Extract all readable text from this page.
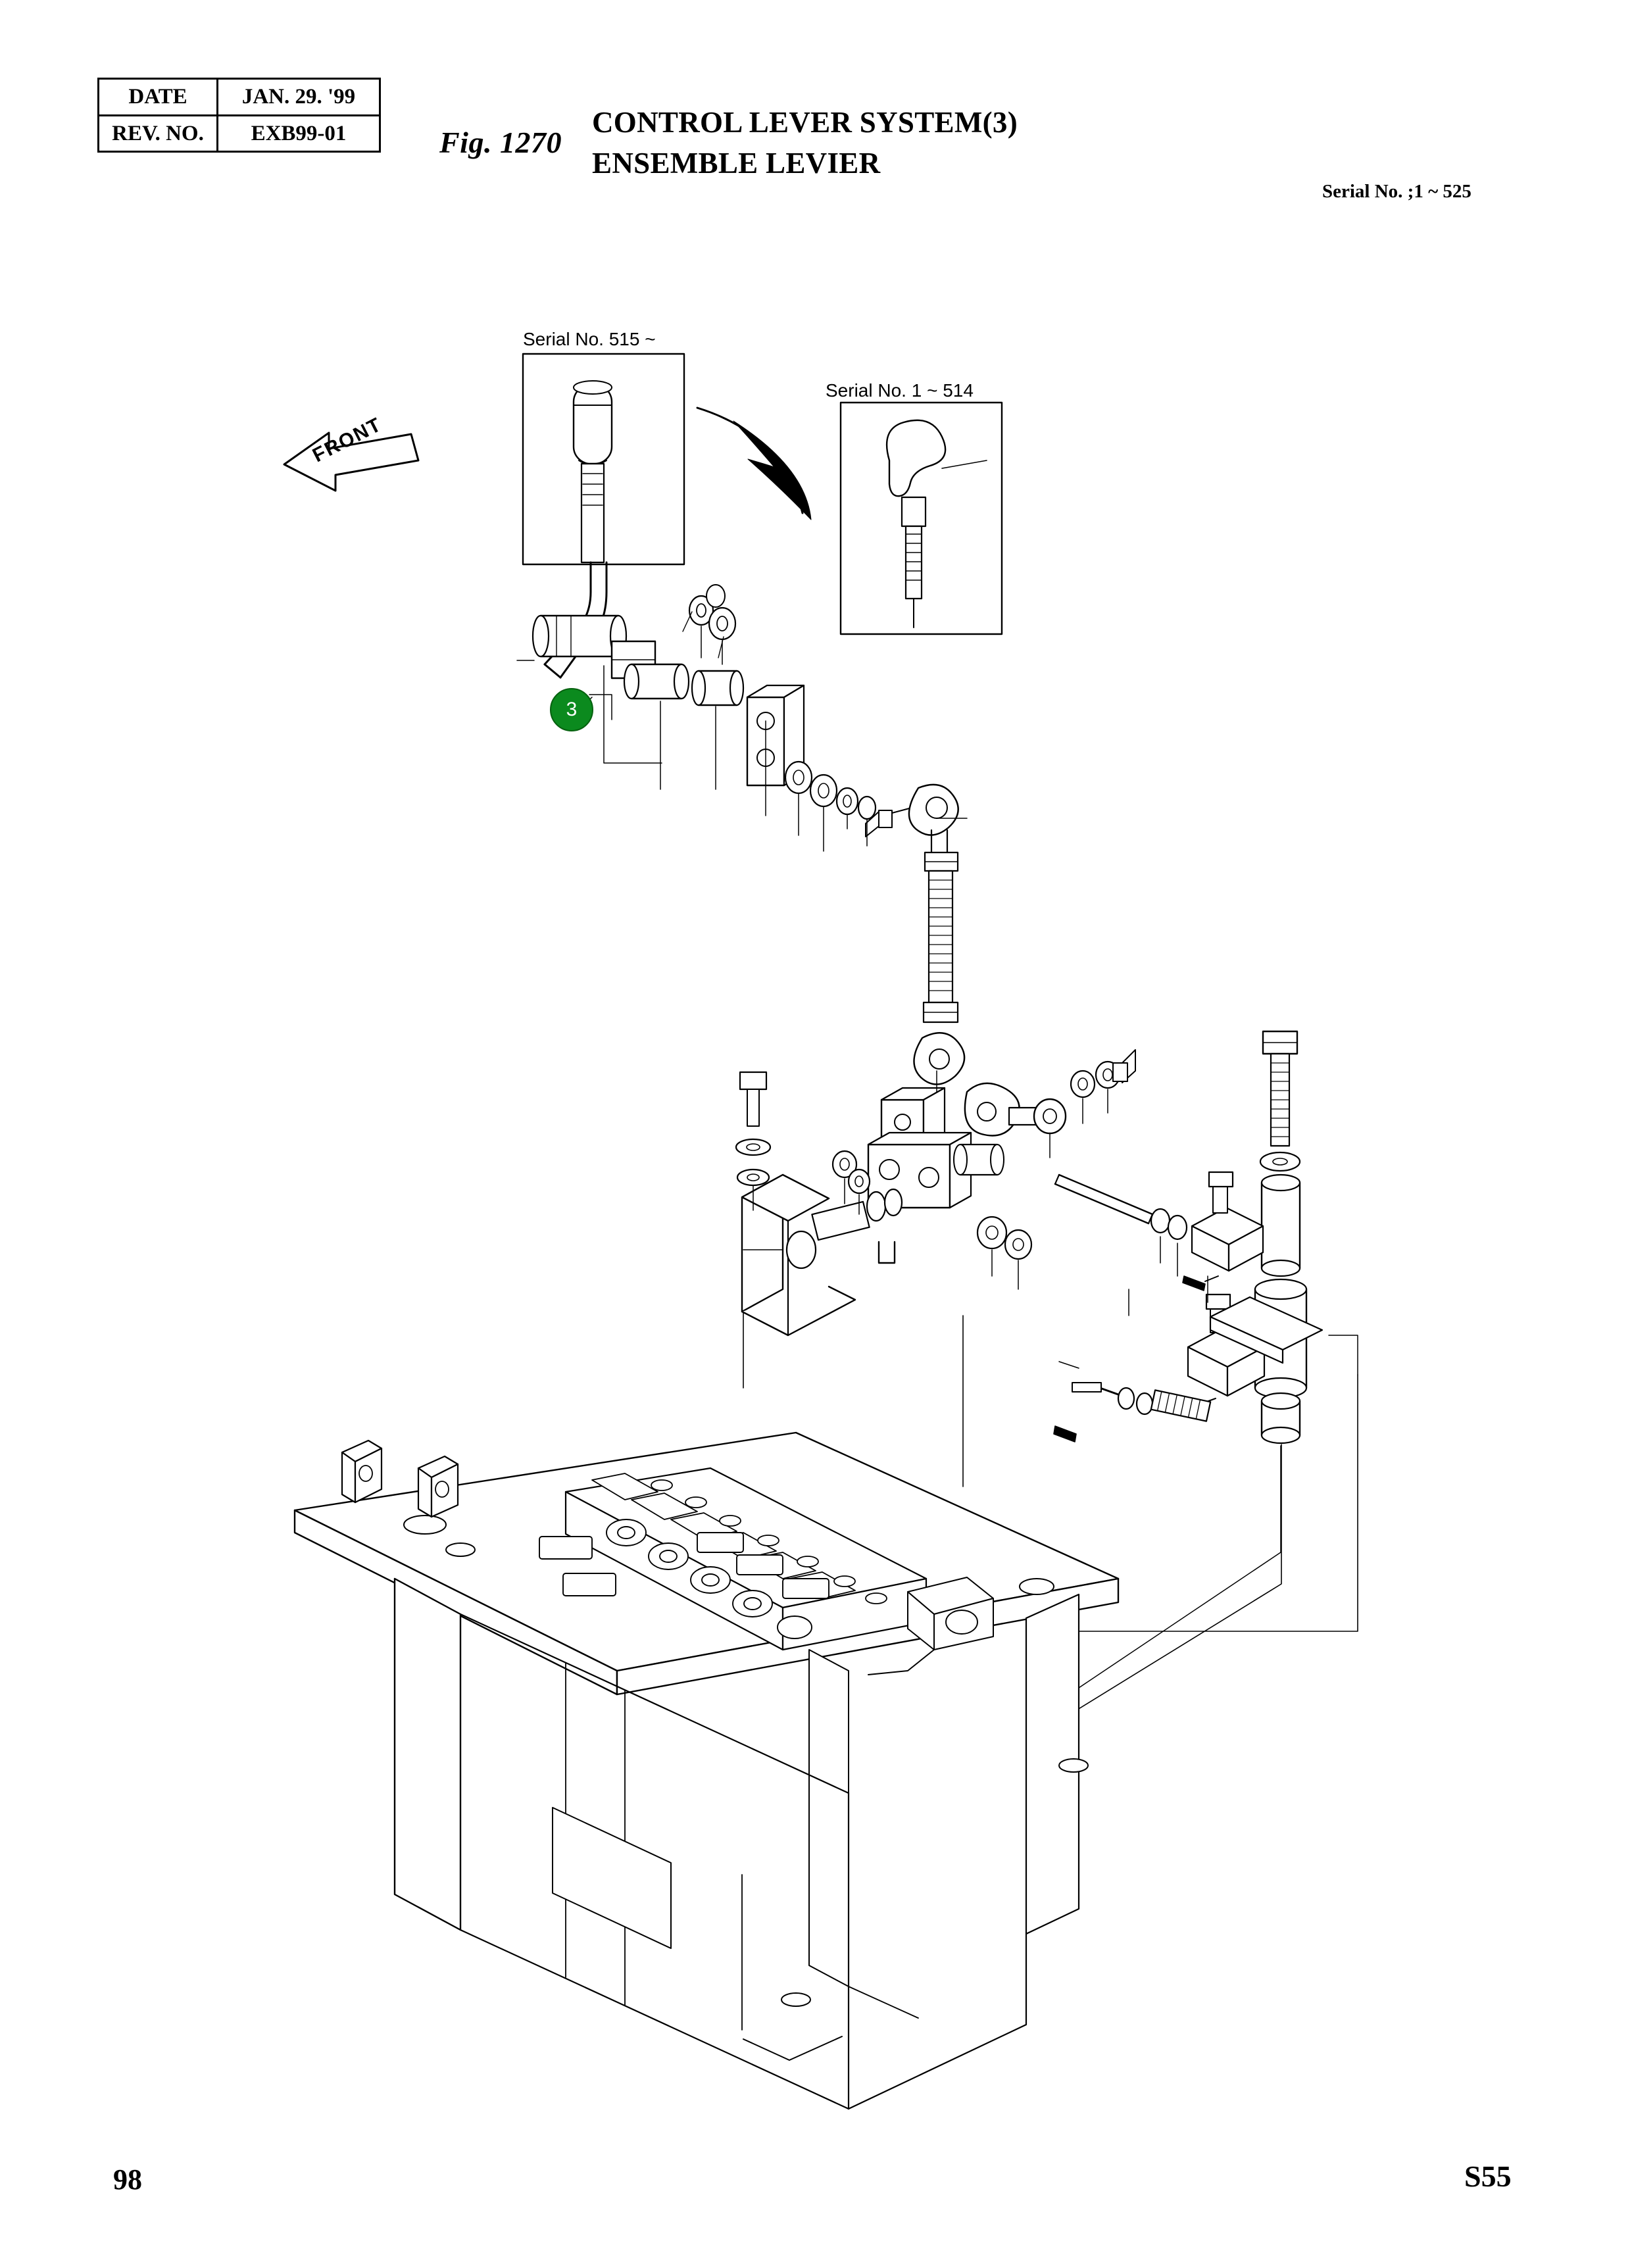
DATE	JAN. 29. '99
REV. NO.	EXB99-01	Fig. 1270
CONTROL LEVER SYSTEM(3)
ENSEMBLE LEVIER
Serial No. ;1 ~ 525
Serial No. 515 ~
Serial No. 1 ~ 514
FRONT
3
98	S55
